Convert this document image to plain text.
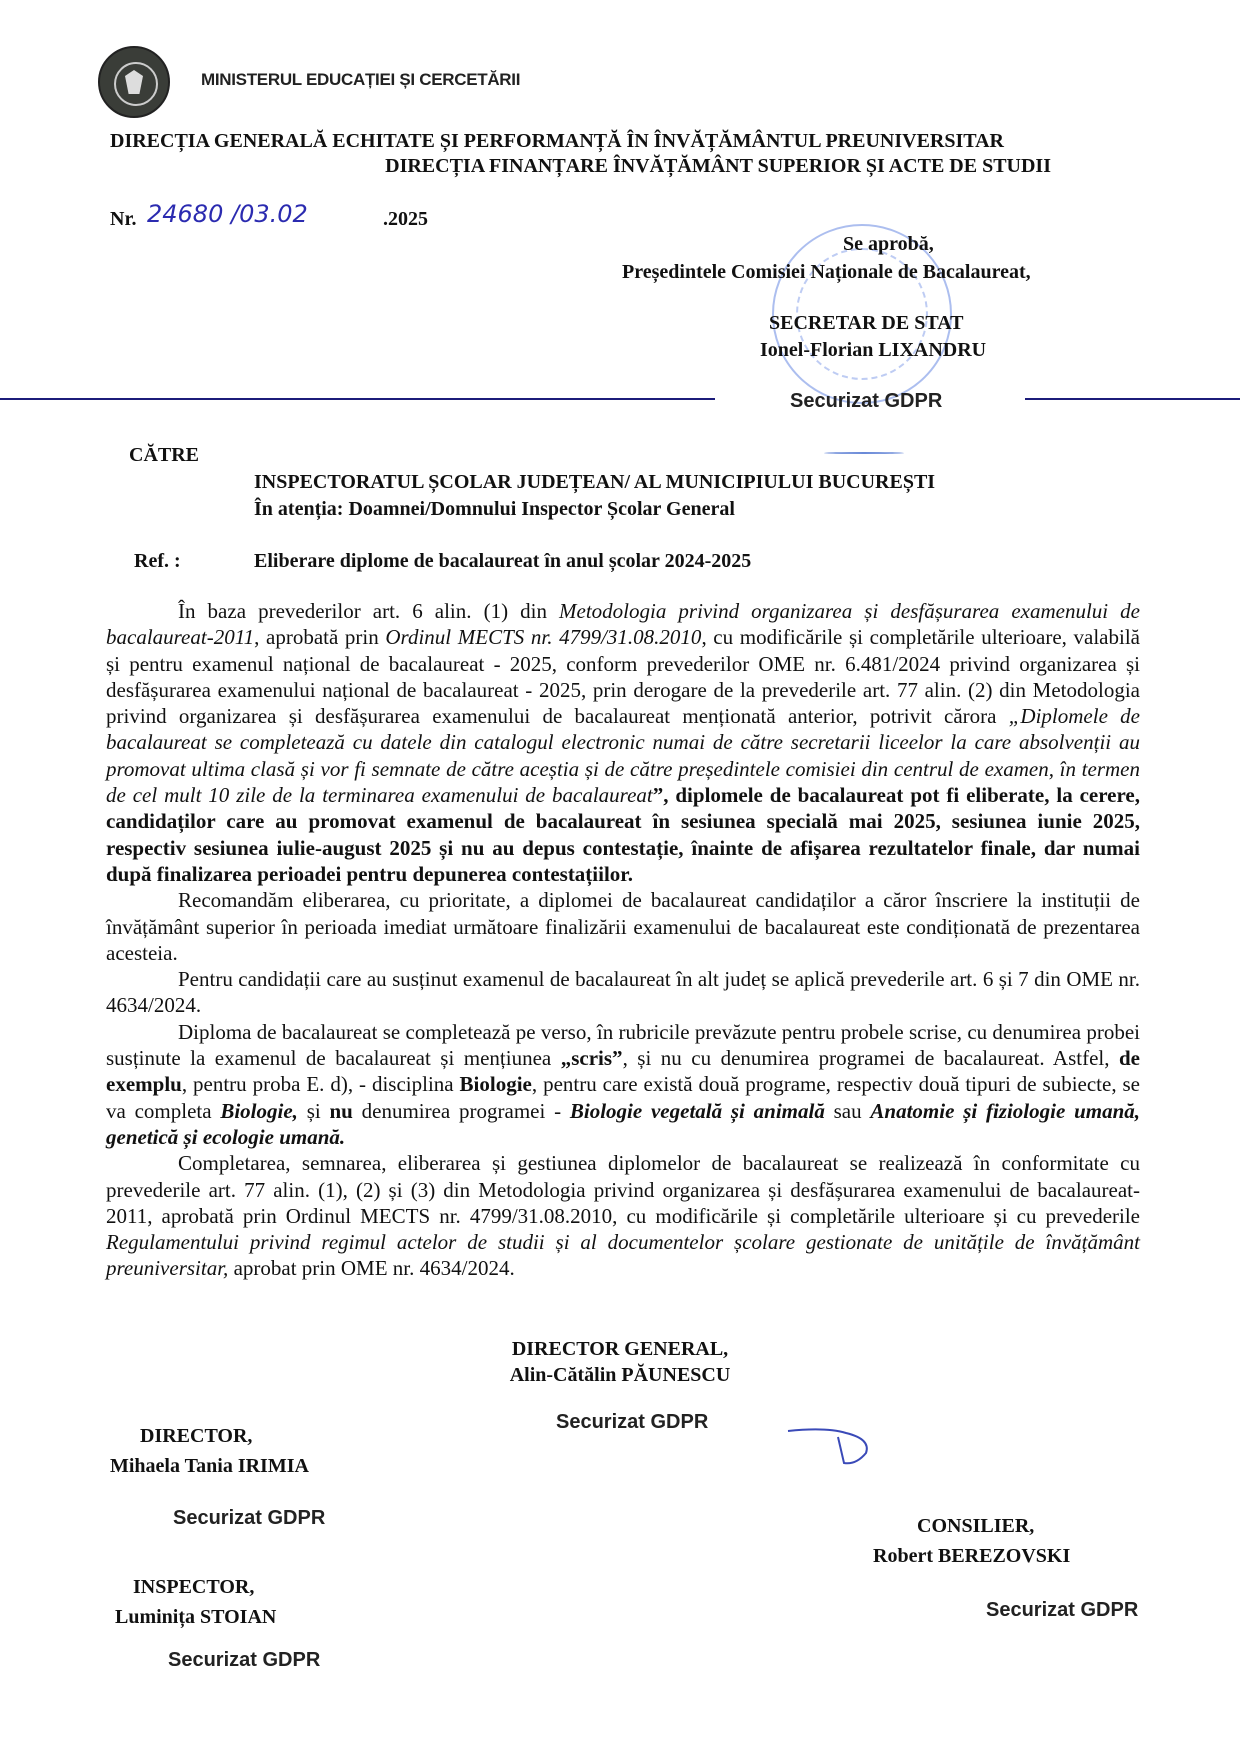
MINISTERUL EDUCAȚIEI ȘI CERCETĂRII
DIRECȚIA GENERALĂ ECHITATE ȘI PERFORMANȚĂ ÎN ÎNVĂȚĂMÂNTUL PREUNIVERSITAR
DIRECȚIA FINANȚARE ÎNVĂȚĂMÂNT SUPERIOR ȘI ACTE DE STUDII
Nr. 24680 /03.02	.2025
Se aprobă,
Președintele Comisiei Naționale de Bacalaureat,
SECRETAR DE STAT
Ionel-Florian LIXANDRU
Securizat GDPR
CĂTRE
INSPECTORATUL ȘCOLAR JUDEȚEAN/ AL MUNICIPIULUI BUCUREȘTI
În atenția: Doamnei/Domnului Inspector Școlar General
Ref. :	Eliberare diplome de bacalaureat în anul școlar 2024-2025

În baza prevederilor art. 6 alin. (1) din Metodologia privind organizarea și desfășurarea examenului de bacalaureat-2011, aprobată prin Ordinul MECTS nr. 4799/31.08.2010, cu modificările și completările ulterioare, valabilă și pentru examenul național de bacalaureat - 2025, conform prevederilor OME nr. 6.481/2024 privind organizarea și desfășurarea examenului național de bacalaureat - 2025, prin derogare de la prevederile art. 77 alin. (2) din Metodologia privind organizarea și desfășurarea examenului de bacalaureat menționată anterior, potrivit cărora „Diplomele de bacalaureat se completează cu datele din catalogul electronic numai de către secretarii liceelor la care absolvenții au promovat ultima clasă și vor fi semnate de către aceștia și de către președintele comisiei din centrul de examen, în termen de cel mult 10 zile de la terminarea examenului de bacalaureat”, diplomele de bacalaureat pot fi eliberate, la cerere, candidaților care au promovat examenul de bacalaureat în sesiunea specială mai 2025, sesiunea iunie 2025, respectiv sesiunea iulie-august 2025 și nu au depus contestație, înainte de afișarea rezultatelor finale, dar numai după finalizarea perioadei pentru depunerea contestațiilor.

Recomandăm eliberarea, cu prioritate, a diplomei de bacalaureat candidaților a căror înscriere la instituții de învățământ superior în perioada imediat următoare finalizării examenului de bacalaureat este condiționată de prezentarea acesteia.

Pentru candidații care au susținut examenul de bacalaureat în alt județ se aplică prevederile art. 6 și 7 din OME nr. 4634/2024.

Diploma de bacalaureat se completează pe verso, în rubricile prevăzute pentru probele scrise, cu denumirea probei susținute la examenul de bacalaureat și mențiunea „scris”, și nu cu denumirea programei de bacalaureat. Astfel, de exemplu, pentru proba E. d), - disciplina Biologie, pentru care există două programe, respectiv două tipuri de subiecte, se va completa Biologie, și nu denumirea programei - Biologie vegetală și animală sau Anatomie și fiziologie umană, genetică și ecologie umană.

Completarea, semnarea, eliberarea și gestiunea diplomelor de bacalaureat se realizează în conformitate cu prevederile art. 77 alin. (1), (2) și (3) din Metodologia privind organizarea și desfășurarea examenului de bacalaureat-2011, aprobată prin Ordinul MECTS nr. 4799/31.08.2010, cu modificările și completările ulterioare și cu prevederile Regulamentului privind regimul actelor de studii și al documentelor școlare gestionate de unitățile de învățământ preuniversitar, aprobat prin OME nr. 4634/2024.

DIRECTOR GENERAL,
Alin-Cătălin PĂUNESCU
Securizat GDPR
DIRECTOR,
Mihaela Tania IRIMIA
Securizat GDPR	CONSILIER,
Robert BEREZOVSKI
Securizat GDPR
INSPECTOR,
Luminița STOIAN
Securizat GDPR
